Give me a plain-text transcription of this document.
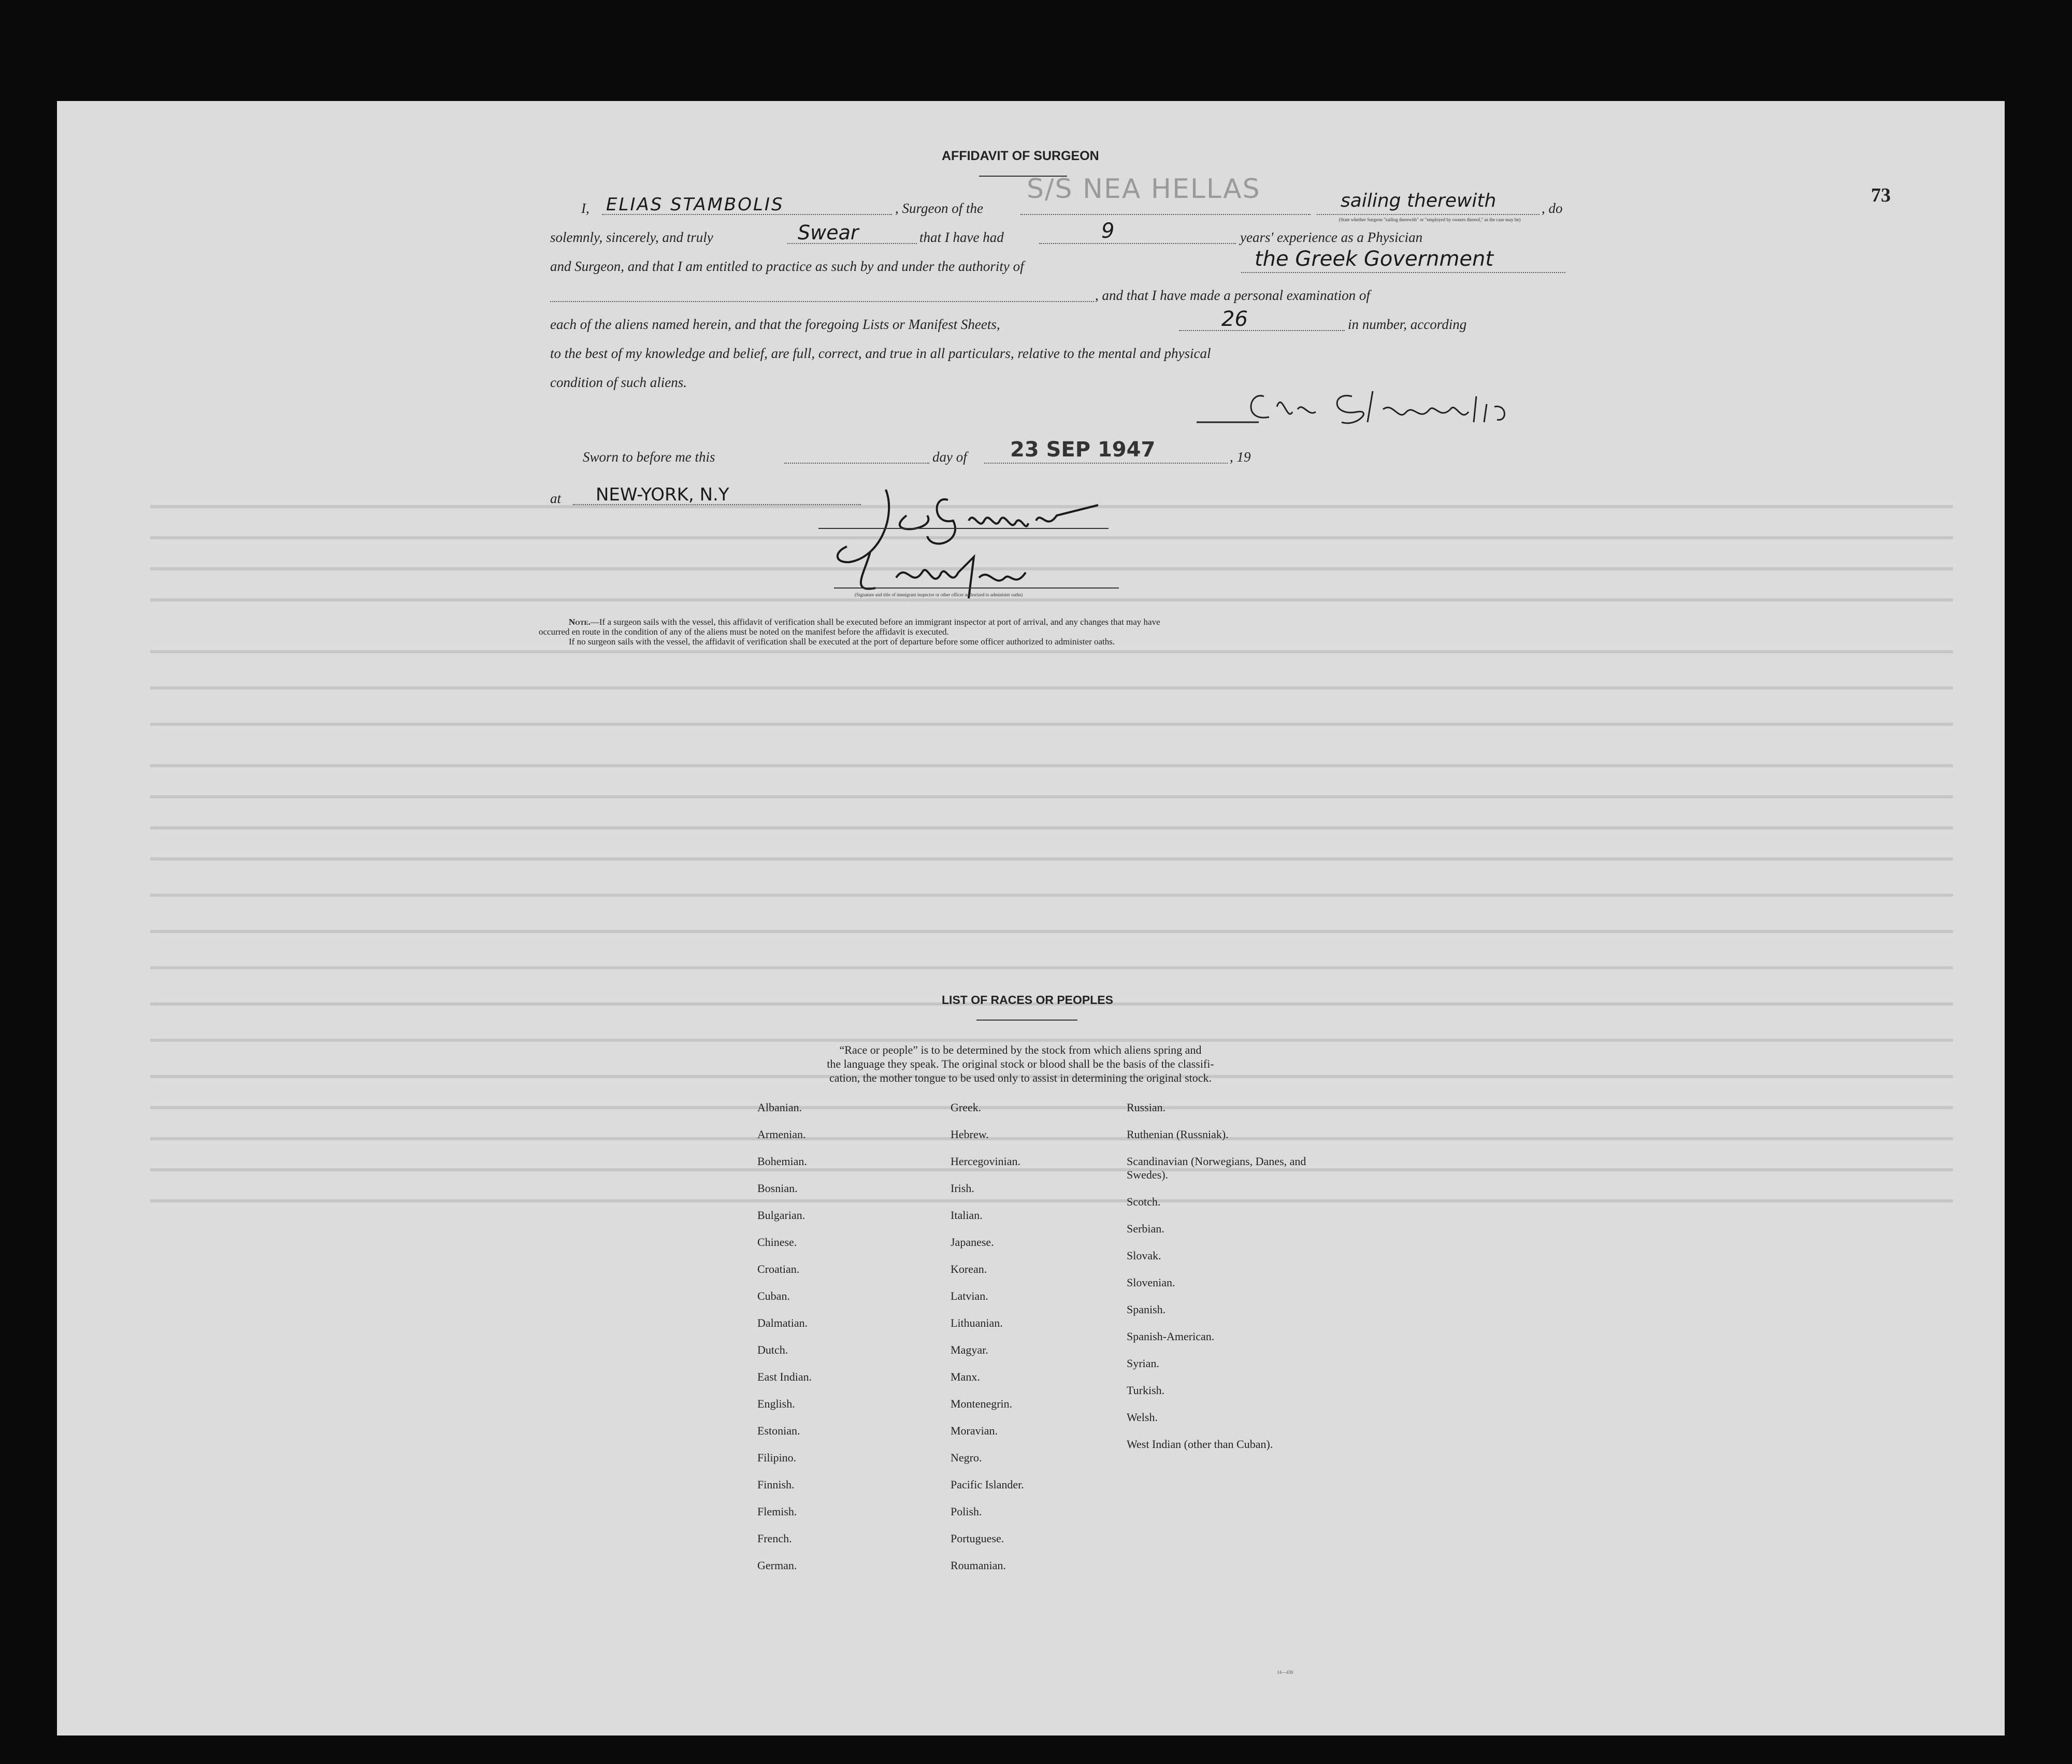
73
AFFIDAVIT OF SURGEON
I, ELIAS STAMBOLIS	, Surgeon of the
S/S NEA HELLAS	sailing therewith	, do
(State whether Surgeon "sailing therewith" or "employed by owners thereof," as the case may be)
solemnly, sincerely, and truly	Swear	that I have had	9	years' experience as a Physician
and Surgeon, and that I am entitled to practice as such by and under the authority of	the Greek Government
, and that I have made a personal examination of
each of the aliens named herein, and that the foregoing Lists or Manifest Sheets,	26	in number, according
to the best of my knowledge and belief, are full, correct, and true in all particulars, relative to the mental and physical
condition of such aliens.
Sworn to before me this	day of 23 SEP 1947	, 19
at NEW-YORK, N.Y
(Signature and title of immigrant inspector or other officer authorized to administer oaths)
Note.—If a surgeon sails with the vessel, this affidavit of verification shall be executed before an immigrant inspector at port of arrival, and any changes that may have
occurred en route in the condition of any of the aliens must be noted on the manifest before the affidavit is executed.
If no surgeon sails with the vessel, the affidavit of verification shall be executed at the port of departure before some officer authorized to administer oaths.
LIST OF RACES OR PEOPLES
“Race or people” is to be determined by the stock from which aliens spring and
the language they speak. The original stock or blood shall be the basis of the classifi-
cation, the mother tongue to be used only to assist in determining the original stock.
Albanian.
Armenian.
Bohemian.
Bosnian.
Bulgarian.
Chinese.
Croatian.
Cuban.
Dalmatian.
Dutch.
East Indian.
English.
Estonian.
Filipino.
Finnish.
Flemish.
French.
German.
Greek.
Hebrew.
Hercegovinian.
Irish.
Italian.
Japanese.
Korean.
Latvian.
Lithuanian.
Magyar.
Manx.
Montenegrin.
Moravian.
Negro.
Pacific Islander.
Polish.
Portuguese.
Roumanian.
Russian.
Ruthenian (Russniak).
Scandinavian (Norwegians, Danes, and Swedes).
Scotch.
Serbian.
Slovak.
Slovenian.
Spanish.
Spanish-American.
Syrian.
Turkish.
Welsh.
West Indian (other than Cuban).
14—430
